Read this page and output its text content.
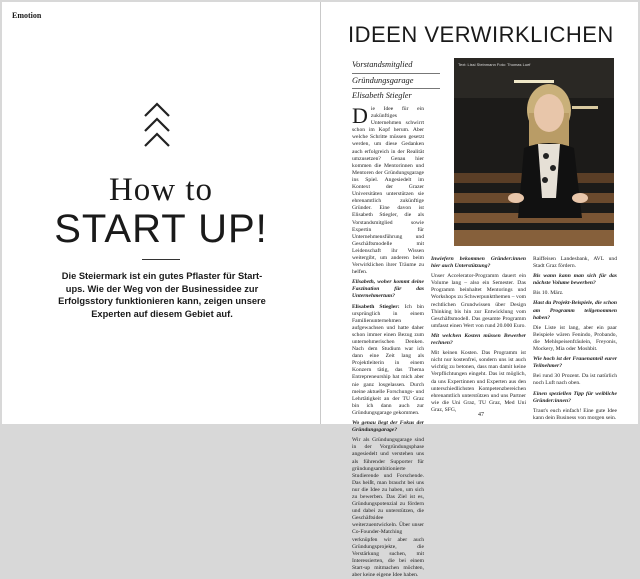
Emotion
How to
START UP!
Die Steiermark ist ein gutes Pflaster für Start-ups. Wie der Weg von der Businessidee zur Erfolgsstory funktionieren kann, zeigen unsere Experten auf diesem Gebiet auf.
IDEEN VERWIRKLICHEN
Vorstandsmitglied
Gründungsgarage
Elisabeth Stiegler
Text: Lissi Steinmann Foto: Thomas Luef

D ie Idee für ein zukünftiges Unternehmen schwirrt schon im Kopf herum. Aber welche Schritte müssen gesetzt werden, um diese Gedanken auch erfolgreich in der Realität umzusetzen? Genau hier kommen die Mentorinnen und Mentoren der Gründungsgarage ins Spiel. Angesiedelt im Kontext der Grazer Universitäten unterstützen sie ehrenamtlich zukünftige Gründer. Eine davon ist Elisabeth Stiegler, die als Vorstandsmitglied sowie Expertin für Unternehmensführung und Geschäftsmodelle mit Leidenschaft ihr Wissen weitergibt, um anderen beim Verwirklichen ihrer Träume zu helfen.

Elisabeth, woher kommt deine Faszination für das Unternehmertum?

Elisabeth Stiegler: Ich bin ursprünglich in einem Familienunternehmen aufgewachsen und hatte daher schon immer einen Bezug zum unternehmerischen Denken. Nach dem Studium war ich dann eine Zeit lang als Projektleiterin in einem Konzern tätig, das Thema Entrepreneurship hat mich aber nie ganz losgelassen. Durch meine aktuelle Forschungs- und Lehrtätigkeit an der TU Graz bin ich dann auch zur Gründungsgarage gekommen.

Wo genau liegt der Fokus der Gründungsgarage?

Wir als Gründungsgarage sind in der Vorgründungsphase angesiedelt und verstehen uns als führender Supporter für gründungsambitionierte Studierende und Forschende. Das heißt, man braucht bei uns nur die Idee zu haben, um sich zu bewerben. Das Ziel ist es, Gründungspotenzial zu fördern und dabei zu unterstützen, die Geschäftsidee weiterzuentwickeln. Über unser Co-Founder-Matching verknüpfen wir aber auch Gründungsprojekte, die Verstärkung suchen, mit Interessierten, die bei einem Start-up mitmachen möchten, aber keine eigene Idee haben.

Inwiefern bekommen Gründer:innen hier auch Unterstützung?

Unser Accelerator-Programm dauert ein Volume lang – also ein Semester. Das Programm beinhaltet Mentorings und Workshops zu Schwerpunktthemen – vom rechtlichen Grundwissen über Design Thinking bis hin zur Entwicklung vom Geschäftsmodell. Das gesamte Programm umfasst einen Wert von rund 20.000 Euro.

Mit welchen Kosten müssen Bewerber rechnen?

Mit keinen Kosten. Das Programm ist nicht nur kostenfrei, sondern uns ist auch wichtig zu betonen, dass man damit keine Verpflichtungen eingeht. Das ist möglich, da uns Expertinnen und Experten aus den unterschiedlichsten Kompetenzbereichen ehrenamtlich unterstützen und uns Partner wie die Uni Graz, TU Graz, Med Uni Graz, SFG,

Raiffeisen Landesbank, AVL und Stadt Graz fördern.

Bis wann kann man sich für das nächste Volume bewerben?

Bis 10. März.

Hast du Projekt-Beispiele, die schon am Programm teilgenommen haben?

Die Liste ist lang, aber ein paar Beispiele wären Fenindo, Probando, die Mehlspeisenfräulein, Freyonis, Mockery, Mia oder Moshbit.

Wie hoch ist der Frauenanteil eurer Teilnehmer?

Bei rund 30 Prozent. Da ist natürlich noch Luft nach oben.

Einen speziellen Tipp für weibliche Gründer:innen?

Traut's euch einfach! Eine gute Idee kann dein Business von morgen sein.

47
